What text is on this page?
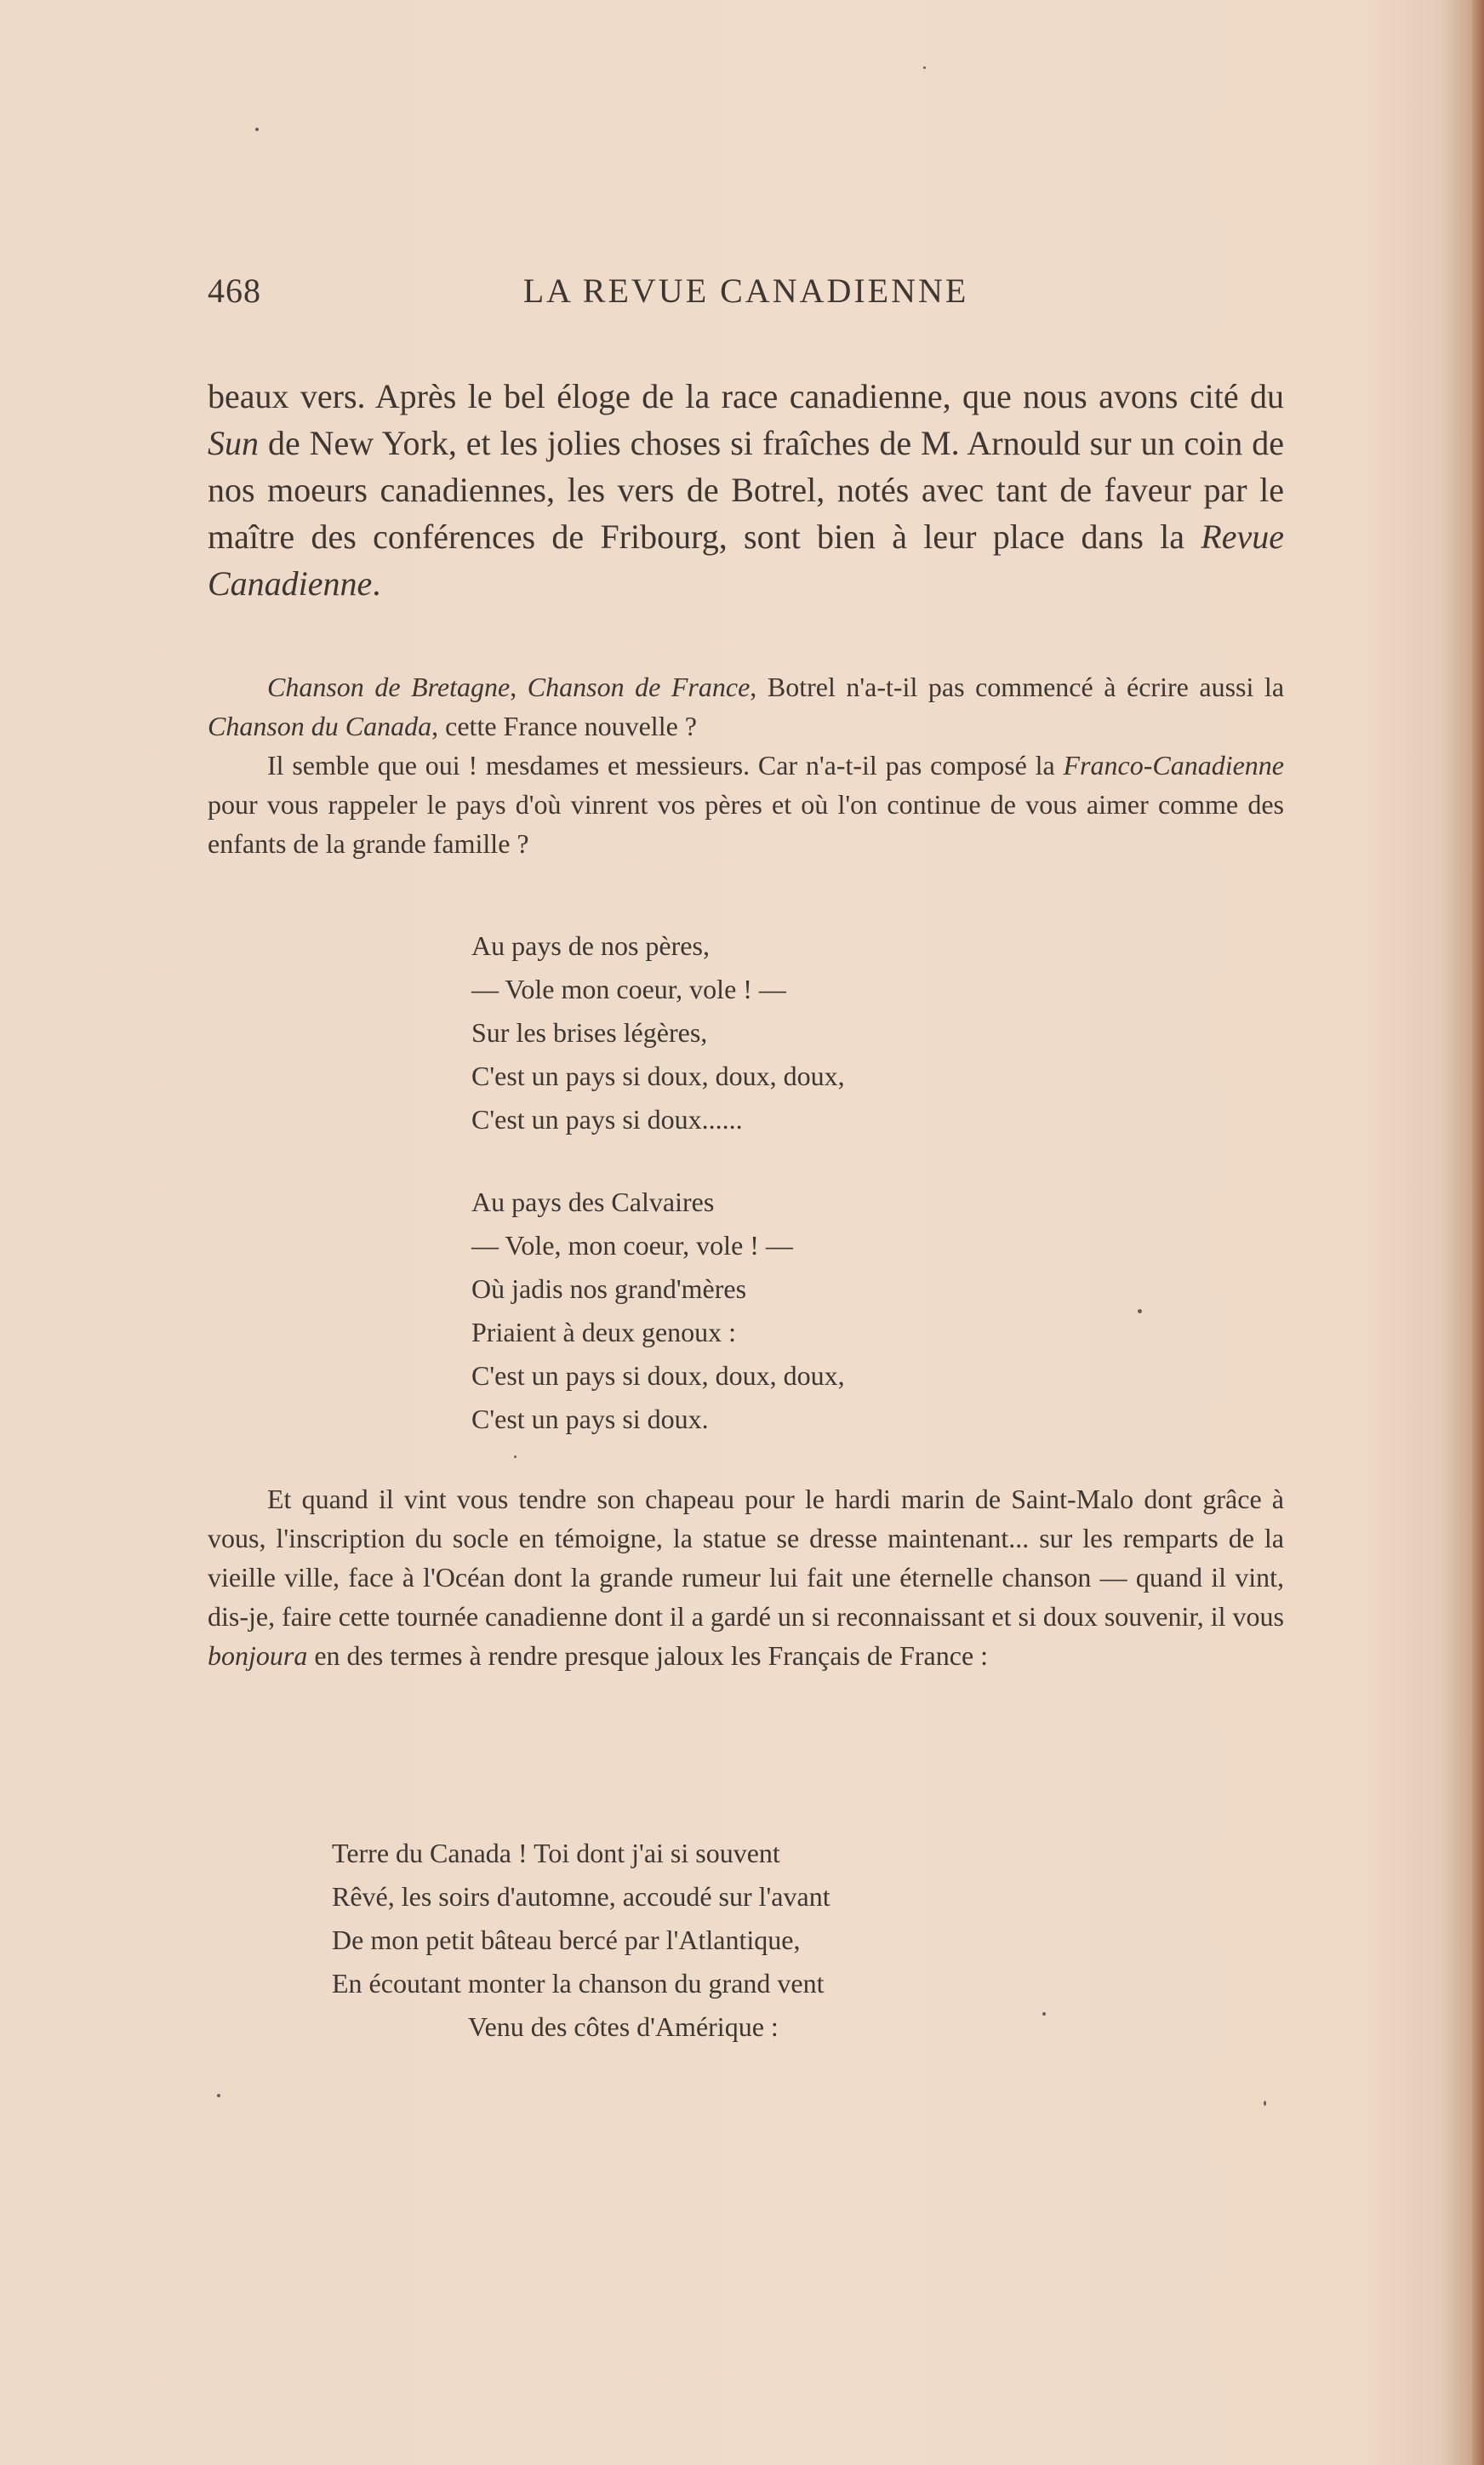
468	LA REVUE CANADIENNE
beaux vers. Après le bel éloge de la race canadienne, que nous avons cité du Sun de New York, et les jolies choses si fraîches de M. Arnould sur un coin de nos moeurs canadiennes, les vers de Botrel, notés avec tant de faveur par le maître des conférences de Fribourg, sont bien à leur place dans la Revue Canadienne.
Chanson de Bretagne, Chanson de France, Botrel n'a-t-il pas commencé à écrire aussi la Chanson du Canada, cette France nouvelle ?
Il semble que oui ! mesdames et messieurs. Car n'a-t-il pas composé la Franco-Canadienne pour vous rappeler le pays d'où vinrent vos pères et où l'on continue de vous aimer comme des enfants de la grande famille ?
Au pays de nos pères,
— Vole mon coeur, vole ! —
Sur les brises légères,
C'est un pays si doux, doux, doux,
C'est un pays si doux......
Au pays des Calvaires
— Vole, mon coeur, vole ! —
Où jadis nos grand'mères
Priaient à deux genoux :
C'est un pays si doux, doux, doux,
C'est un pays si doux.
Et quand il vint vous tendre son chapeau pour le hardi marin de Saint-Malo dont grâce à vous, l'inscription du socle en témoigne, la statue se dresse maintenant... sur les remparts de la vieille ville, face à l'Océan dont la grande rumeur lui fait une éternelle chanson — quand il vint, dis-je, faire cette tournée canadienne dont il a gardé un si reconnaissant et si doux souvenir, il vous bonjoura en des termes à rendre presque jaloux les Français de France :
Terre du Canada ! Toi dont j'ai si souvent
Rêvé, les soirs d'automne, accoudé sur l'avant
De mon petit bâteau bercé par l'Atlantique,
En écoutant monter la chanson du grand vent
Venu des côtes d'Amérique :
